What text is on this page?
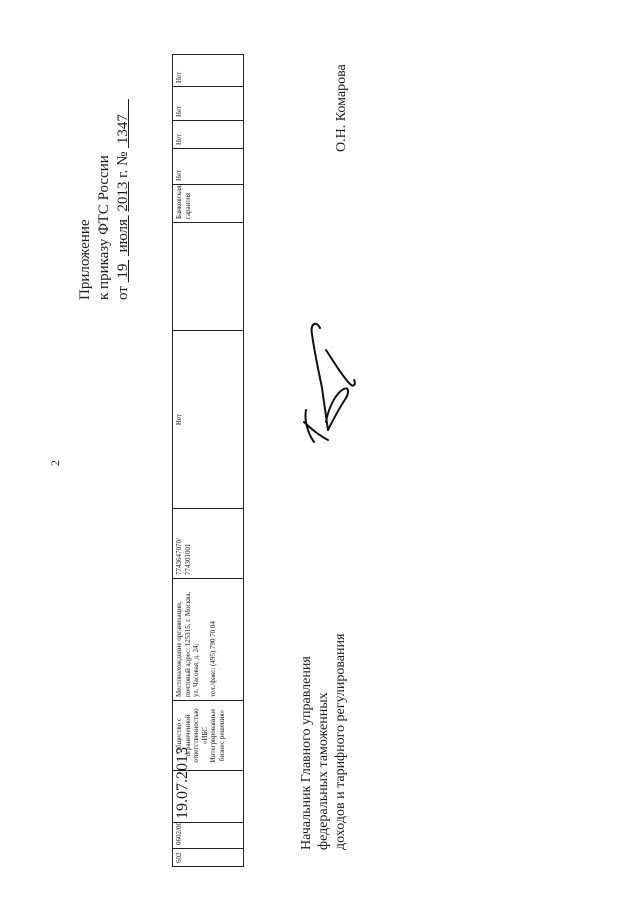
2
Приложение к приказу ФТС России от  19   июля  2013 г. №  1347
602	0602/00	19.07.2013	Общество с ограниченной ответственностью «ИБС Интегрированные бизнес решения»	Местонахождение организации, почтовый адрес: 125315, г. Москва, ул. Часовая, д. 24; тел./факс: (495) 790 70 04	7743647070/ 774301001	Нет		Банковская гарантия	Нет	Нет	Нет	Нет
Начальник Главного управления федеральных таможенных доходов и тарифного регулирования
О.Н. Комарова
